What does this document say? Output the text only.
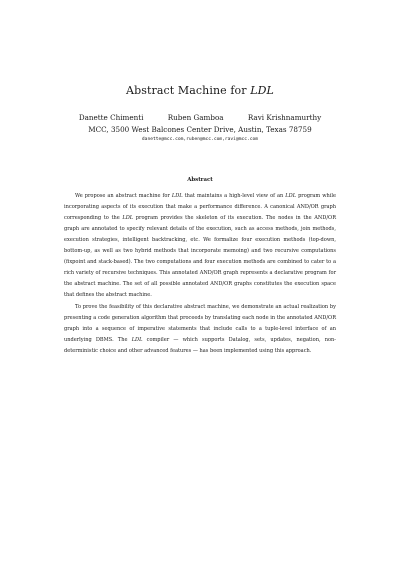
Abstract Machine for LDL
Danette Chimenti	Ruben Gamboa	Ravi Krishnamurthy
MCC, 3500 West Balcones Center Drive, Austin, Texas 78759
danette@mcc.com,ruben@mcc.com,ravi@mcc.com
Abstract

We propose an abstract machine for LDL that maintains a high-level view of an LDL program while incorporating aspects of its execution that make a performance difference. A canonical AND/OR graph corresponding to the LDL program provides the skeleton of its execution. The nodes in the AND/OR graph are annotated to specify relevant details of the execution, such as access methods, join methods, execution strategies, intelligent backtracking, etc. We formalize four execution methods (top-down, bottom-up, as well as two hybrid methods that incorporate memoing) and two recursive computations (fixpoint and stack-based). The two computations and four execution methods are combined to cater to a rich variety of recursive techniques. This annotated AND/OR graph represents a declarative program for the abstract machine. The set of all possible annotated AND/OR graphs constitutes the execution space that defines the abstract machine.

To prove the feasibility of this declarative abstract machine, we demonstrate an actual realization by presenting a code generation algorithm that proceeds by translating each node in the annotated AND/OR graph into a sequence of imperative statements that include calls to a tuple-level interface of an underlying DBMS. The LDL compiler — which supports Datalog, sets, updates, negation, non-deterministic choice and other advanced features — has been implemented using this approach.
